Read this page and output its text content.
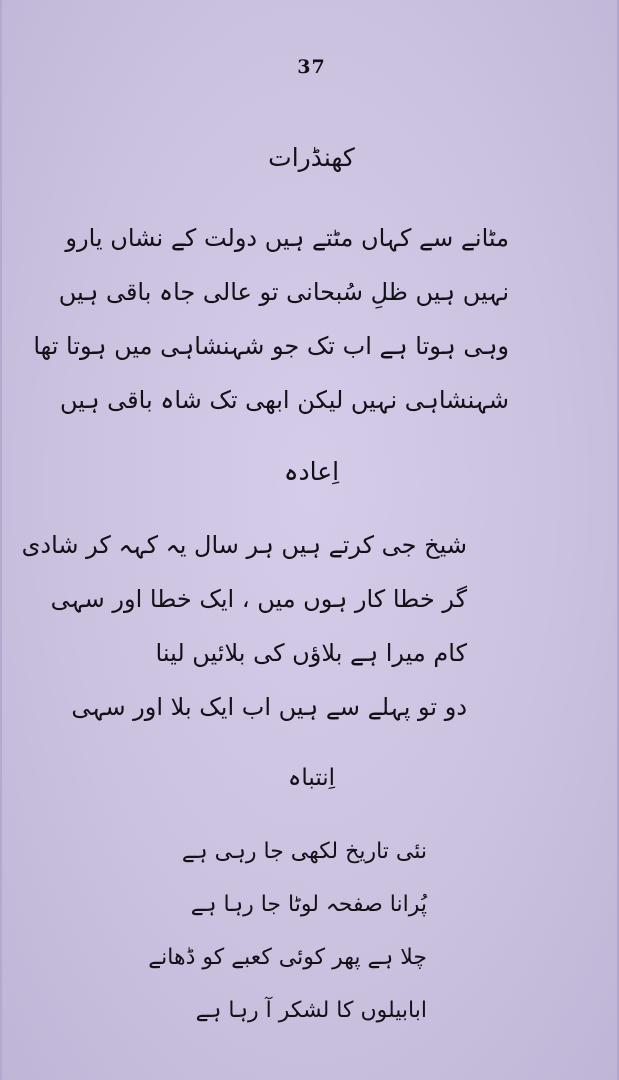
37
کھنڈرات
مٹانے سے کہاں مٹتے ہیں دولت کے نشاں یارو
نہیں ہیں ظلِ سُبحانی تو عالی جاہ باقی ہیں
وہی ہوتا ہے اب تک جو شہنشاہی میں ہوتا تھا
شہنشاہی نہیں لیکن ابھی تک شاہ باقی ہیں
اِعادہ
شیخ جی کرتے ہیں ہر سال یہ کہہ کر شادی
گر خطا کار ہوں میں ، ایک خطا اور سہی
کام میرا ہے بلاؤں کی بلائیں لینا
دو تو پہلے سے ہیں اب ایک بلا اور سہی
اِنتباہ
نئی تاریخ لکھی جا رہی ہے
پُرانا صفحہ لوٹا جا رہا ہے
چلا ہے پھر کوئی کعبے کو ڈھانے
ابابیلوں کا لشکر آ رہا ہے
